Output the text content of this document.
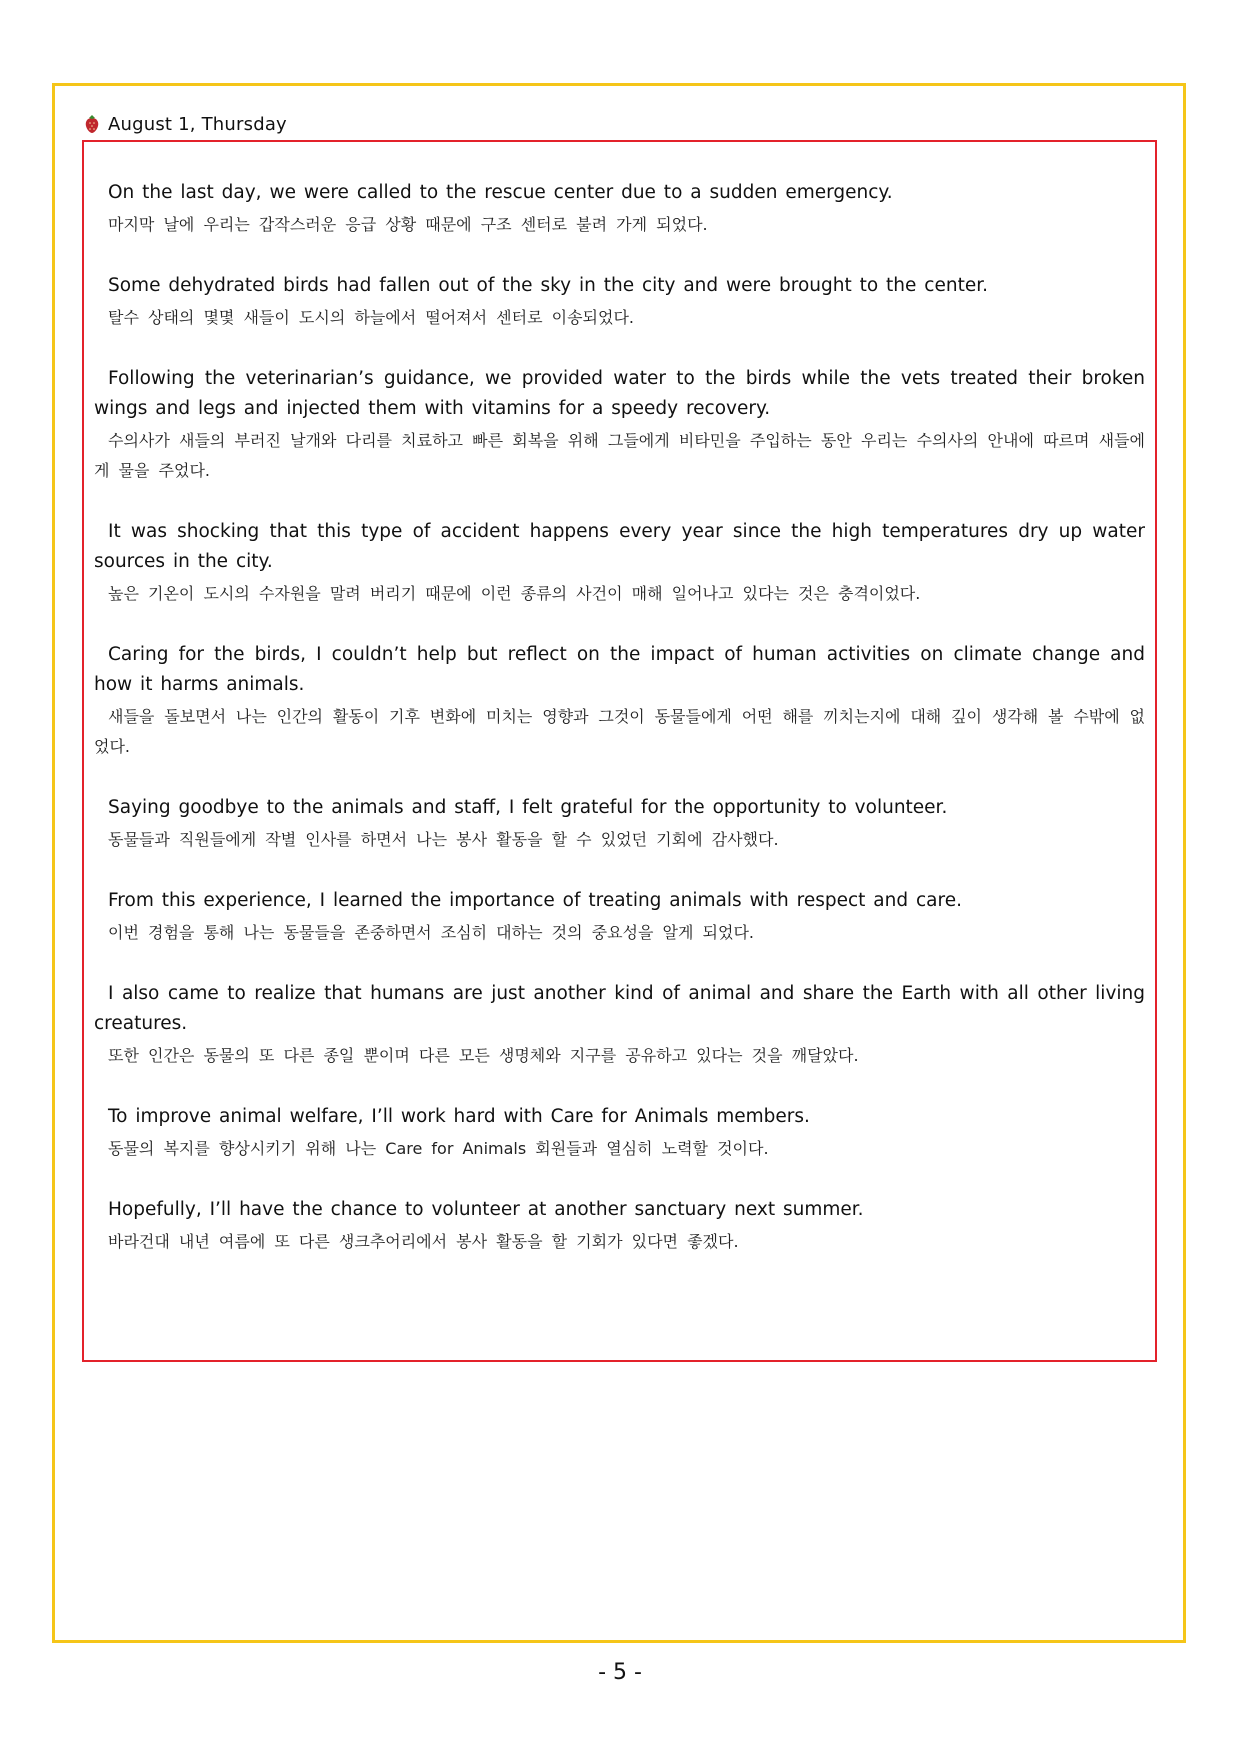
August 1, Thursday

On the last day, we were called to the rescue center due to a sudden emergency.

마지막 날에 우리는 갑작스러운 응급 상황 때문에 구조 센터로 불려 가게 되었다.

Some dehydrated birds had fallen out of the sky in the city and were brought to the center.

탈수 상태의 몇몇 새들이 도시의 하늘에서 떨어져서 센터로 이송되었다.

Following the veterinarian’s guidance, we provided water to the birds while the vets treated their broken wings and legs and injected them with vitamins for a speedy recovery.

수의사가 새들의 부러진 날개와 다리를 치료하고 빠른 회복을 위해 그들에게 비타민을 주입하는 동안 우리는 수의사의 안내에 따르며 새들에게 물을 주었다.

It was shocking that this type of accident happens every year since the high temperatures dry up water sources in the city.

높은 기온이 도시의 수자원을 말려 버리기 때문에 이런 종류의 사건이 매해 일어나고 있다는 것은 충격이었다.

Caring for the birds, I couldn’t help but reflect on the impact of human activities on climate change and how it harms animals.

새들을 돌보면서 나는 인간의 활동이 기후 변화에 미치는 영향과 그것이 동물들에게 어떤 해를 끼치는지에 대해 깊이 생각해 볼 수밖에 없었다.

Saying goodbye to the animals and staff, I felt grateful for the opportunity to volunteer.

동물들과 직원들에게 작별 인사를 하면서 나는 봉사 활동을 할 수 있었던 기회에 감사했다.

From this experience, I learned the importance of treating animals with respect and care.

이번 경험을 통해 나는 동물들을 존중하면서 조심히 대하는 것의 중요성을 알게 되었다.

I also came to realize that humans are just another kind of animal and share the Earth with all other living creatures.

또한 인간은 동물의 또 다른 종일 뿐이며 다른 모든 생명체와 지구를 공유하고 있다는 것을 깨달았다.

To improve animal welfare, I’ll work hard with Care for Animals members.

동물의 복지를 향상시키기 위해 나는 Care for Animals 회원들과 열심히 노력할 것이다.

Hopefully, I’ll have the chance to volunteer at another sanctuary next summer.

바라건대 내년 여름에 또 다른 생크추어리에서 봉사 활동을 할 기회가 있다면 좋겠다.

- 5 -
